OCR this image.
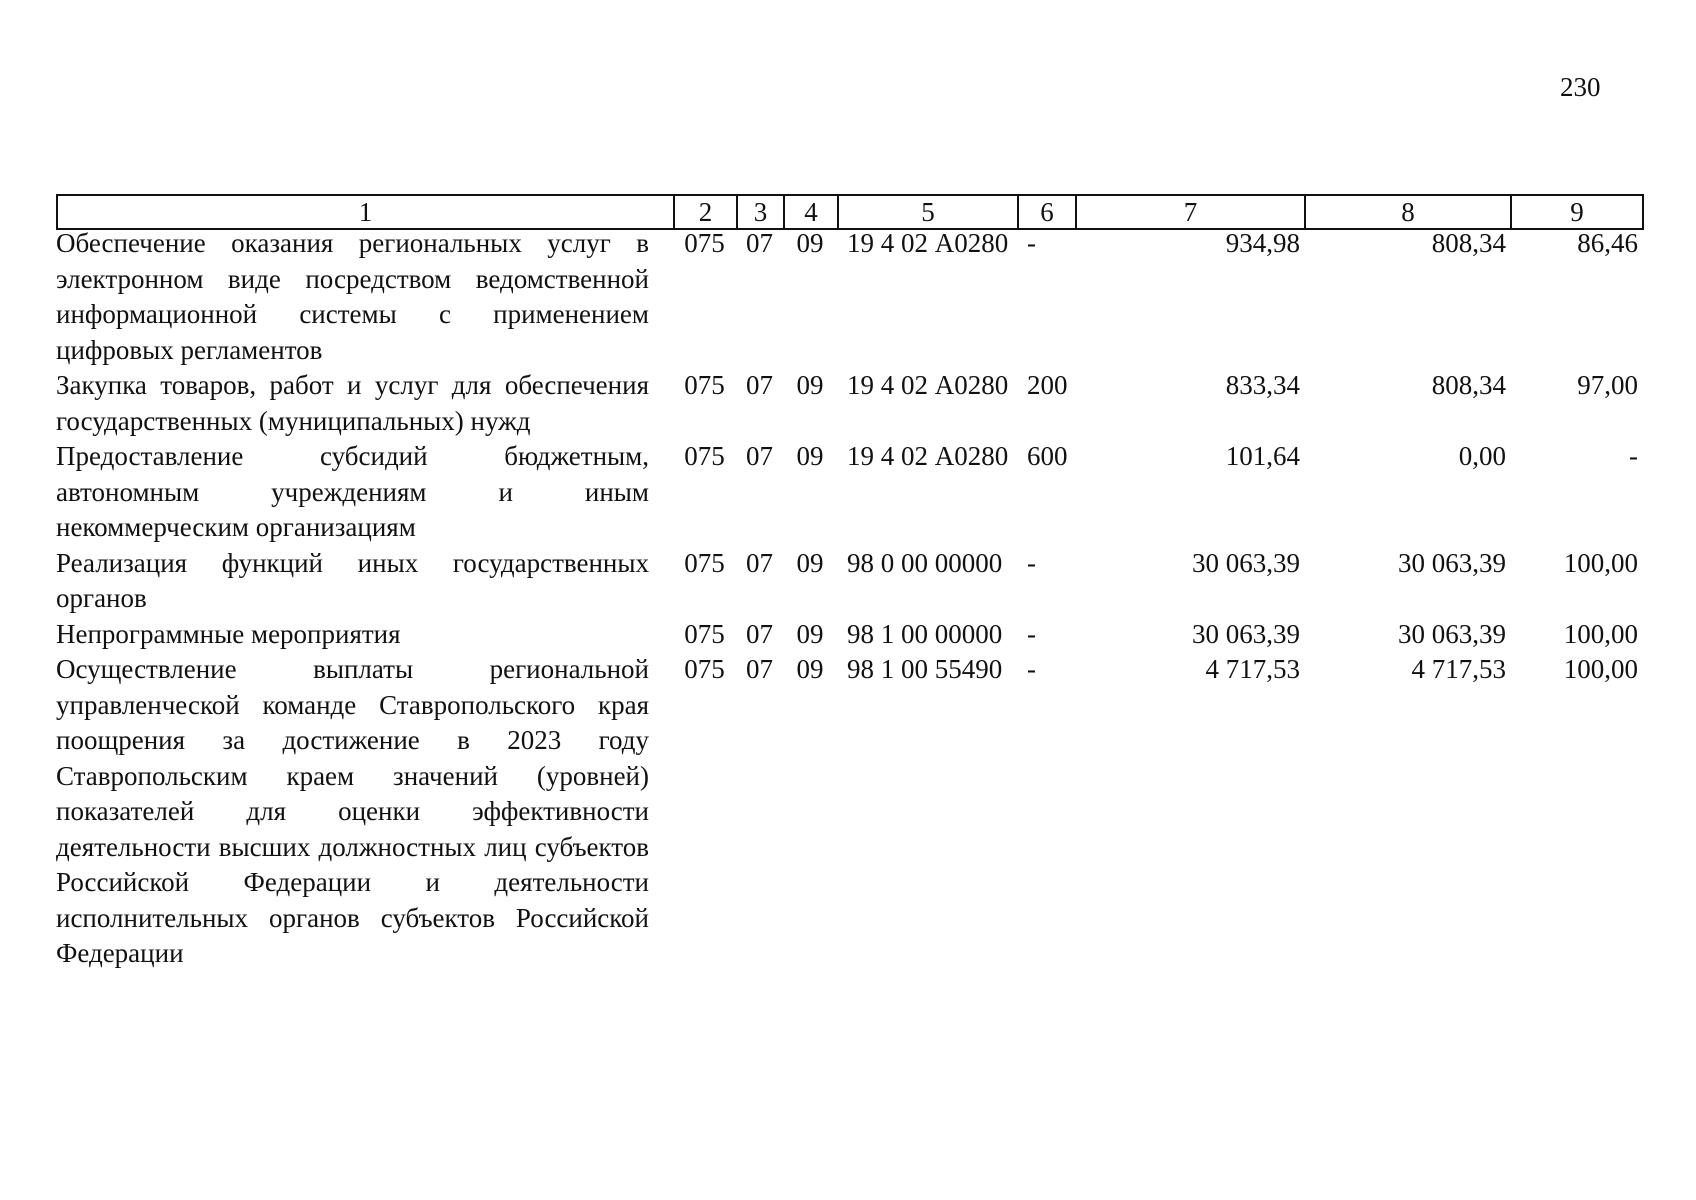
230
1	2	3	4	5	6	7	8	9
Обеспечение оказания региональных услуг в электронном виде посредством ведомственной информационной системы с применением цифровых регламентов	075	07	09	19 4 02 А0280	-	934,98	808,34	86,46
Закупка товаров, работ и услуг для обеспечения государственных (муниципальных) нужд	075	07	09	19 4 02 А0280	200	833,34	808,34	97,00
Предоставление субсидий бюджетным, автономным учреждениям и иным некоммерческим организациям	075	07	09	19 4 02 А0280	600	101,64	0,00	-
Реализация функций иных государственных органов	075	07	09	98 0 00 00000	-	30 063,39	30 063,39	100,00
Непрограммные мероприятия	075	07	09	98 1 00 00000	-	30 063,39	30 063,39	100,00
Осуществление выплаты региональной управленческой команде Ставропольского края поощрения за достижение в 2023 году Ставропольским краем значений (уровней) показателей для оценки эффективности деятельности высших должностных лиц субъектов Российской Федерации и деятельности исполнительных органов субъектов Российской Федерации	075	07	09	98 1 00 55490	-	4 717,53	4 717,53	100,00
